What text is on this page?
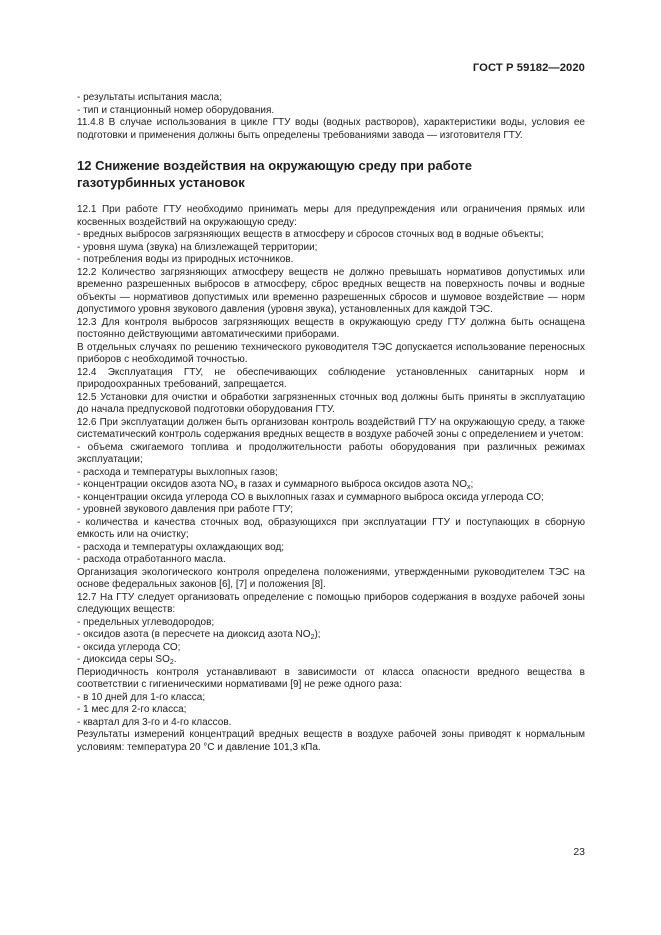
ГОСТ Р 59182—2020

- результаты испытания масла;

- тип и станционный номер оборудования.

11.4.8 В случае использования в цикле ГТУ воды (водных растворов), характеристики воды, условия ее подготовки и применения должны быть определены требованиями завода — изготовителя ГТУ.

12 Снижение воздействия на окружающую среду при работе
газотурбинных установок

12.1 При работе ГТУ необходимо принимать меры для предупреждения или ограничения прямых или косвенных воздействий на окружающую среду:

- вредных выбросов загрязняющих веществ в атмосферу и сбросов сточных вод в водные объекты;

- уровня шума (звука) на близлежащей территории;

- потребления воды из природных источников.

12.2 Количество загрязняющих атмосферу веществ не должно превышать нормативов допустимых или временно разрешенных выбросов в атмосферу, сброс вредных веществ на поверхность почвы и водные объекты — нормативов допустимых или временно разрешенных сбросов и шумовое воздействие — норм допустимого уровня звукового давления (уровня звука), установленных для каждой ТЭС.

12.3 Для контроля выбросов загрязняющих веществ в окружающую среду ГТУ должна быть оснащена постоянно действующими автоматическими приборами.

В отдельных случаях по решению технического руководителя ТЭС допускается использование переносных приборов с необходимой точностью.

12.4 Эксплуатация ГТУ, не обеспечивающих соблюдение установленных санитарных норм и природоохранных требований, запрещается.

12.5 Установки для очистки и обработки загрязненных сточных вод должны быть приняты в эксплуатацию до начала предпусковой подготовки оборудования ГТУ.

12.6 При эксплуатации должен быть организован контроль воздействий ГТУ на окружающую среду, а также систематический контроль содержания вредных веществ в воздухе рабочей зоны с определением и учетом:

- объема сжигаемого топлива и продолжительности работы оборудования при различных режимах эксплуатации;

- расхода и температуры выхлопных газов;

- концентрации оксидов азота $NO_x$ в газах и суммарного выброса оксидов азота $NO_x$;

- концентрации оксида углерода СО в выхлопных газах и суммарного выброса оксида углерода СО;

- уровней звукового давления при работе ГТУ;

- количества и качества сточных вод, образующихся при эксплуатации ГТУ и поступающих в сборную емкость или на очистку;

- расхода и температуры охлаждающих вод;

- расхода отработанного масла.

Организация экологического контроля определена положениями, утвержденными руководителем ТЭС на основе федеральных законов [6], [7] и положения [8].

12.7 На ГТУ следует организовать определение с помощью приборов содержания в воздухе рабочей зоны следующих веществ:

- предельных углеводородов;

- оксидов азота (в пересчете на диоксид азота $NO_2$);

- оксида углерода СО;

- диоксида серы $SO_2$.

Периодичность контроля устанавливают в зависимости от класса опасности вредного вещества в соответствии с гигиеническими нормативами [9] не реже одного раза:

- в 10 дней для 1-го класса;

- 1 мес для 2-го класса;

- квартал для 3-го и 4-го классов.

Результаты измерений концентраций вредных веществ в воздухе рабочей зоны приводят к нормальным условиям: температура 20 °C и давление 101,3 кПа.

23
